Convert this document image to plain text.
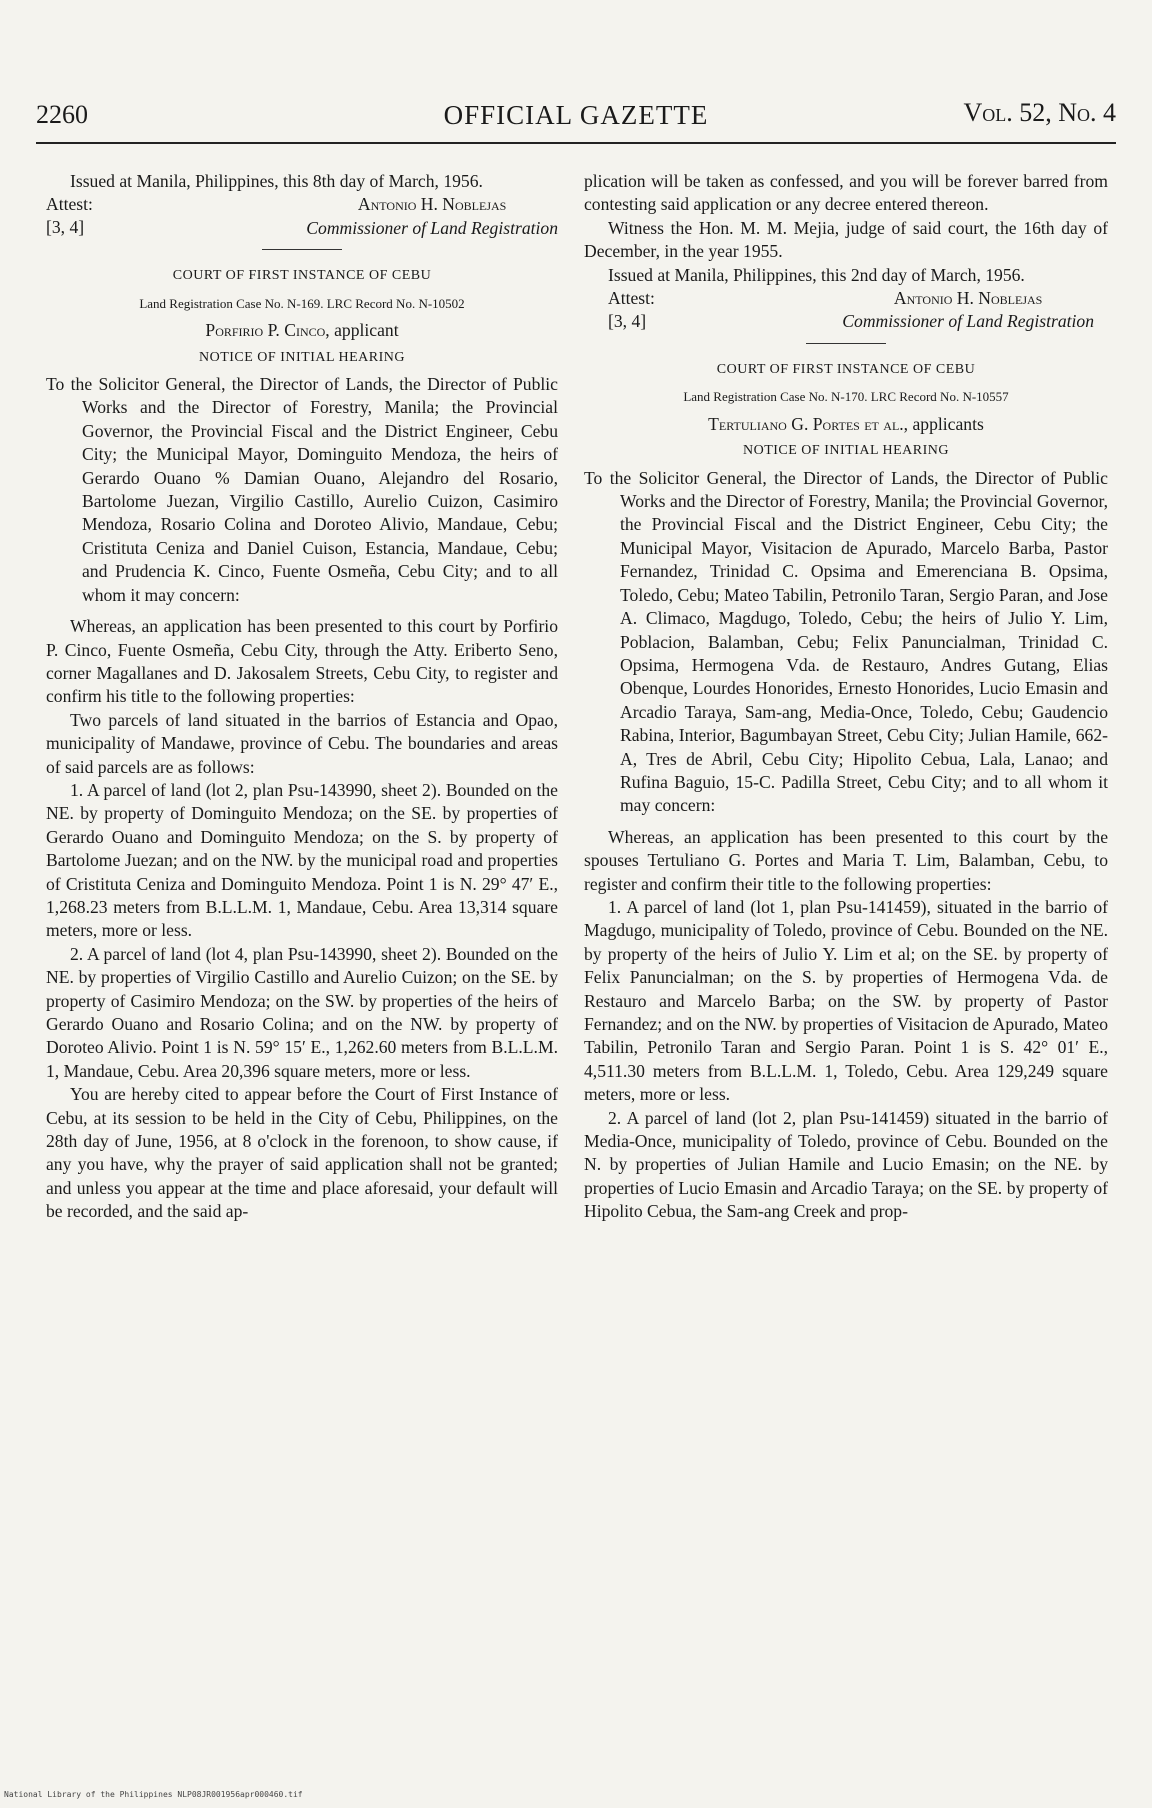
2260	OFFICIAL GAZETTE	Vol. 52, No. 4

Issued at Manila, Philippines, this 8th day of March, 1956.

Attest:
[3, 4]
Antonio H. Noblejas
Commissioner of Land Registration

COURT OF FIRST INSTANCE OF CEBU

Land Registration Case No. N-169. LRC Record No. N-10502

Porfirio P. Cinco, applicant

NOTICE OF INITIAL HEARING

To the Solicitor General, the Director of Lands, the Director of Public Works and the Director of Forestry, Manila; the Provincial Governor, the Provincial Fiscal and the District Engineer, Cebu City; the Municipal Mayor, Dominguito Mendoza, the heirs of Gerardo Ouano % Damian Ouano, Alejandro del Rosario, Bartolome Juezan, Virgilio Castillo, Aurelio Cuizon, Casimiro Mendoza, Rosario Colina and Doroteo Alivio, Mandaue, Cebu; Cristituta Ceniza and Daniel Cuison, Estancia, Mandaue, Cebu; and Prudencia K. Cinco, Fuente Osmeña, Cebu City; and to all whom it may concern:

Whereas, an application has been presented to this court by Porfirio P. Cinco, Fuente Osmeña, Cebu City, through the Atty. Eriberto Seno, corner Magallanes and D. Jakosalem Streets, Cebu City, to register and confirm his title to the following properties:

Two parcels of land situated in the barrios of Estancia and Opao, municipality of Mandawe, province of Cebu. The boundaries and areas of said parcels are as follows:

1. A parcel of land (lot 2, plan Psu-143990, sheet 2). Bounded on the NE. by property of Dominguito Mendoza; on the SE. by properties of Gerardo Ouano and Dominguito Mendoza; on the S. by property of Bartolome Juezan; and on the NW. by the municipal road and properties of Cristituta Ceniza and Dominguito Mendoza. Point 1 is N. 29° 47′ E., 1,268.23 meters from B.L.L.M. 1, Mandaue, Cebu. Area 13,314 square meters, more or less.

2. A parcel of land (lot 4, plan Psu-143990, sheet 2). Bounded on the NE. by properties of Virgilio Castillo and Aurelio Cuizon; on the SE. by property of Casimiro Mendoza; on the SW. by properties of the heirs of Gerardo Ouano and Rosario Colina; and on the NW. by property of Doroteo Alivio. Point 1 is N. 59° 15′ E., 1,262.60 meters from B.L.L.M. 1, Mandaue, Cebu. Area 20,396 square meters, more or less.

You are hereby cited to appear before the Court of First Instance of Cebu, at its session to be held in the City of Cebu, Philippines, on the 28th day of June, 1956, at 8 o'clock in the forenoon, to show cause, if any you have, why the prayer of said application shall not be granted; and unless you appear at the time and place aforesaid, your default will be recorded, and the said ap-

plication will be taken as confessed, and you will be forever barred from contesting said application or any decree entered thereon.

Witness the Hon. M. M. Mejia, judge of said court, the 16th day of December, in the year 1955.

Issued at Manila, Philippines, this 2nd day of March, 1956.

Attest:
[3, 4]
Antonio H. Noblejas
Commissioner of Land Registration

COURT OF FIRST INSTANCE OF CEBU

Land Registration Case No. N-170. LRC Record No. N-10557

Tertuliano G. Portes et al., applicants

NOTICE OF INITIAL HEARING

To the Solicitor General, the Director of Lands, the Director of Public Works and the Director of Forestry, Manila; the Provincial Governor, the Provincial Fiscal and the District Engineer, Cebu City; the Municipal Mayor, Visitacion de Apurado, Marcelo Barba, Pastor Fernandez, Trinidad C. Opsima and Emerenciana B. Opsima, Toledo, Cebu; Mateo Tabilin, Petronilo Taran, Sergio Paran, and Jose A. Climaco, Magdugo, Toledo, Cebu; the heirs of Julio Y. Lim, Poblacion, Balamban, Cebu; Felix Panuncialman, Trinidad C. Opsima, Hermogena Vda. de Restauro, Andres Gutang, Elias Obenque, Lourdes Honorides, Ernesto Honorides, Lucio Emasin and Arcadio Taraya, Sam-ang, Media-Once, Toledo, Cebu; Gaudencio Rabina, Interior, Bagumbayan Street, Cebu City; Julian Hamile, 662-A, Tres de Abril, Cebu City; Hipolito Cebua, Lala, Lanao; and Rufina Baguio, 15-C. Padilla Street, Cebu City; and to all whom it may concern:

Whereas, an application has been presented to this court by the spouses Tertuliano G. Portes and Maria T. Lim, Balamban, Cebu, to register and confirm their title to the following properties:

1. A parcel of land (lot 1, plan Psu-141459), situated in the barrio of Magdugo, municipality of Toledo, province of Cebu. Bounded on the NE. by property of the heirs of Julio Y. Lim et al; on the SE. by property of Felix Panuncialman; on the S. by properties of Hermogena Vda. de Restauro and Marcelo Barba; on the SW. by property of Pastor Fernandez; and on the NW. by properties of Visitacion de Apurado, Mateo Tabilin, Petronilo Taran and Sergio Paran. Point 1 is S. 42° 01′ E., 4,511.30 meters from B.L.L.M. 1, Toledo, Cebu. Area 129,249 square meters, more or less.

2. A parcel of land (lot 2, plan Psu-141459) situated in the barrio of Media-Once, municipality of Toledo, province of Cebu. Bounded on the N. by properties of Julian Hamile and Lucio Emasin; on the NE. by properties of Lucio Emasin and Arcadio Taraya; on the SE. by property of Hipolito Cebua, the Sam-ang Creek and prop-

National Library of the Philippines NLP08JR001956apr000460.tif
